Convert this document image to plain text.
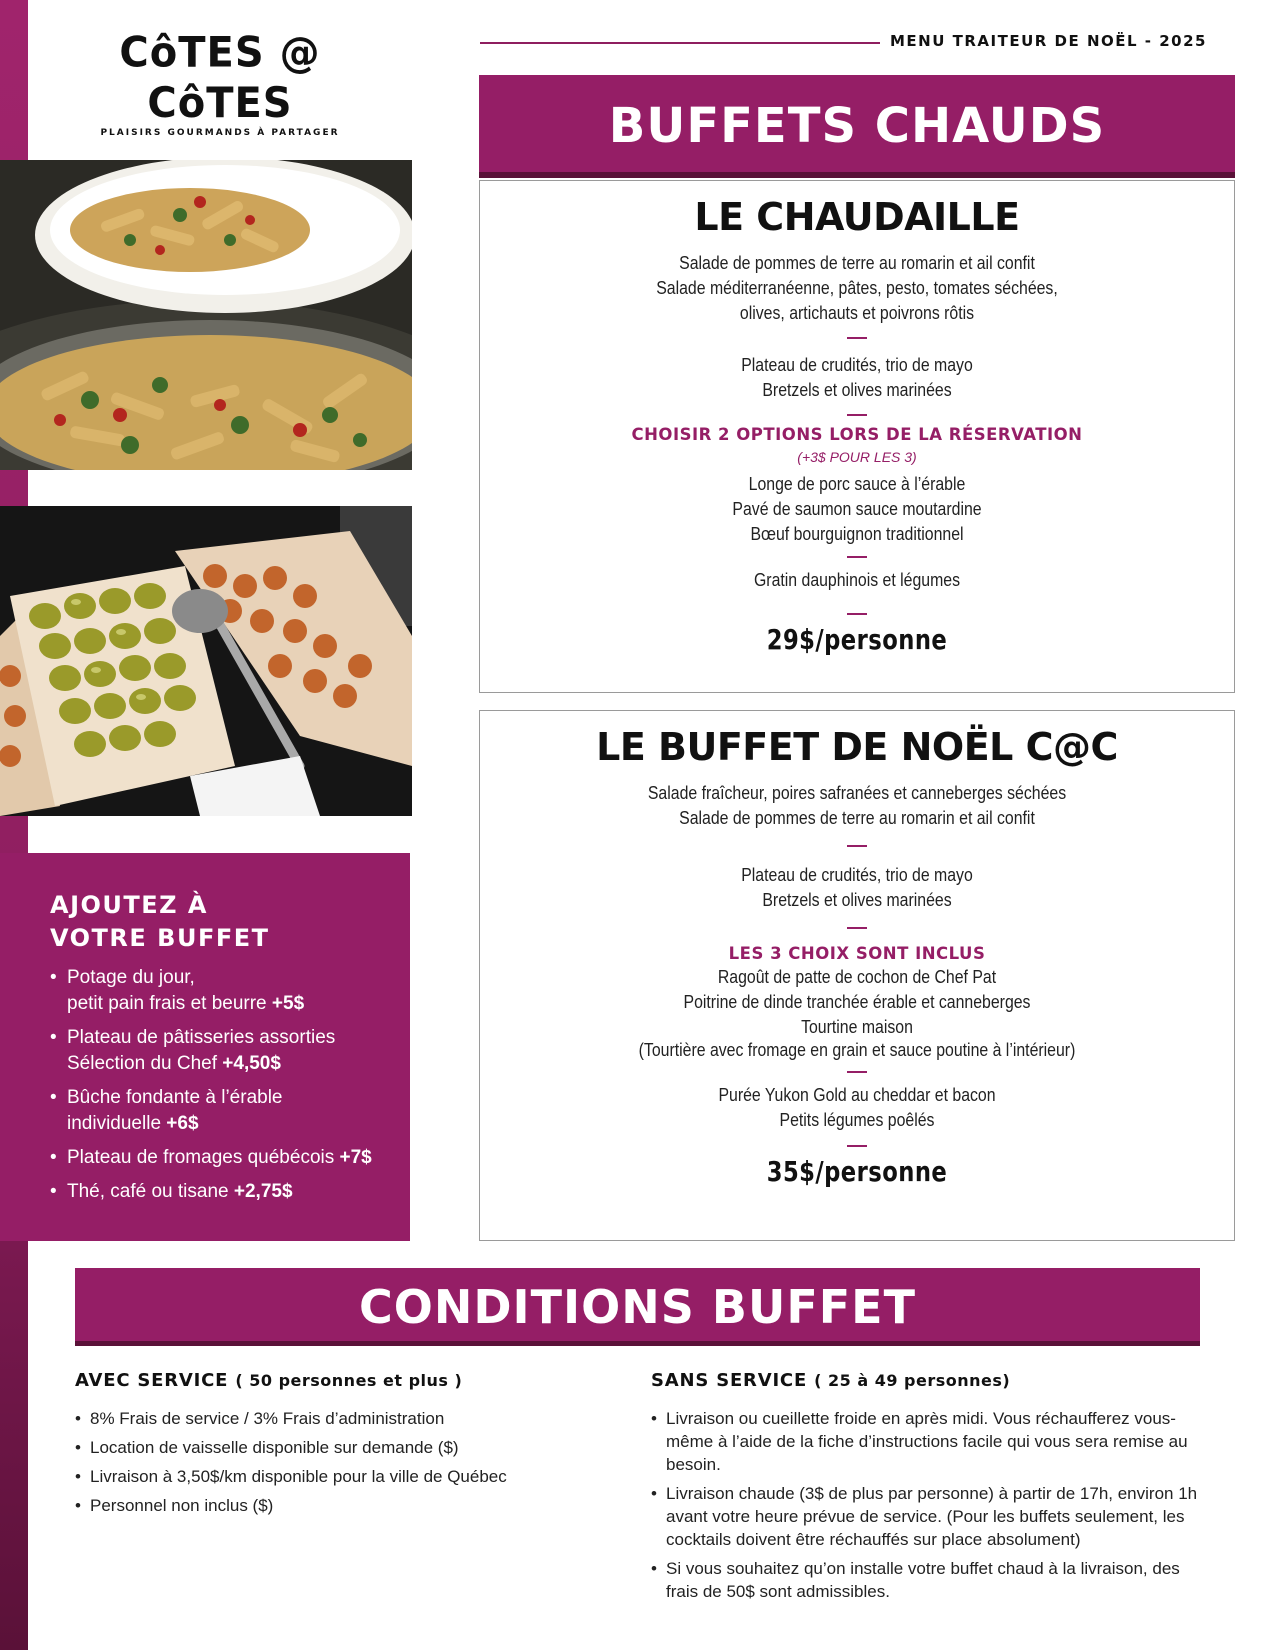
CôTES @ CôTES
PLAISIRS GOURMANDS À PARTAGER
MENU TRAITEUR DE NOËL - 2025
AJOUTEZ À
VOTRE BUFFET
• Potage du jour,
petit pain frais et beurre +5$
• Plateau de pâtisseries assorties
Sélection du Chef +4,50$
• Bûche fondante à l’érable
individuelle +6$
• Plateau de fromages québécois +7$
• Thé, café ou tisane +2,75$
BUFFETS CHAUDS
LE CHAUDAILLE
Salade de pommes de terre au romarin et ail confit
Salade méditerranéenne, pâtes, pesto, tomates séchées,
olives, artichauts et poivrons rôtis
Plateau de crudités, trio de mayo
Bretzels et olives marinées
CHOISIR 2 OPTIONS LORS DE LA RÉSERVATION
(+3$ POUR LES 3)
Longe de porc sauce à l’érable
Pavé de saumon sauce moutardine
Bœuf bourguignon traditionnel
Gratin dauphinois et légumes
29$/personne
LE BUFFET DE NOËL C@C
Salade fraîcheur, poires safranées et canneberges séchées
Salade de pommes de terre au romarin et ail confit
Plateau de crudités, trio de mayo
Bretzels et olives marinées
LES 3 CHOIX SONT INCLUS
Ragoût de patte de cochon de Chef Pat
Poitrine de dinde tranchée érable et canneberges
Tourtine maison
(Tourtière avec fromage en grain et sauce poutine à l’intérieur)
Purée Yukon Gold au cheddar et bacon
Petits légumes poêlés
35$/personne
CONDITIONS BUFFET
AVEC SERVICE ( 50 personnes et plus )
• 8% Frais de service / 3% Frais d’administration
• Location de vaisselle disponible sur demande ($)
• Livraison à 3,50$/km disponible pour la ville de Québec
• Personnel non inclus ($)
SANS SERVICE ( 25 à 49 personnes)
• Livraison ou cueillette froide en après midi. Vous réchaufferez vous-même à l’aide de la fiche d’instructions facile qui vous sera remise au besoin.
• Livraison chaude (3$ de plus par personne) à partir de 17h, environ 1h avant votre heure prévue de service. (Pour les buffets seulement, les cocktails doivent être réchauffés sur place absolument)
• Si vous souhaitez qu’on installe votre buffet chaud à la livraison, des frais de 50$ sont admissibles.
